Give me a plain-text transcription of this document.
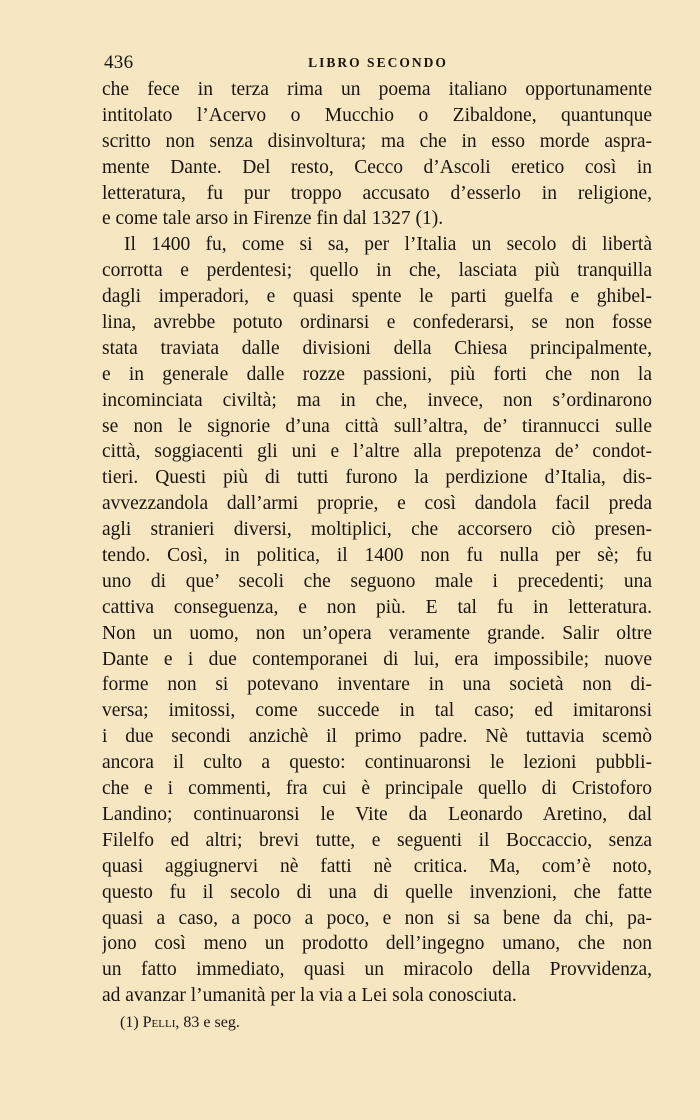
436	LIBRO SECONDO
che fece in terza rima un poema italiano opportunamente
intitolato l’Acervo o Mucchio o Zibaldone, quantunque
scritto non senza disinvoltura; ma che in esso morde aspra-
mente Dante. Del resto, Cecco d’Ascoli eretico così in
letteratura, fu pur troppo accusato d’esserlo in religione,
e come tale arso in Firenze fin dal 1327 (1).
Il 1400 fu, come si sa, per l’Italia un secolo di libertà
corrotta e perdentesi; quello in che, lasciata più tranquilla
dagli imperadori, e quasi spente le parti guelfa e ghibel-
lina, avrebbe potuto ordinarsi e confederarsi, se non fosse
stata traviata dalle divisioni della Chiesa principalmente,
e in generale dalle rozze passioni, più forti che non la
incominciata civiltà; ma in che, invece, non s’ordinarono
se non le signorie d’una città sull’altra, de’ tirannucci sulle
città, soggiacenti gli uni e l’altre alla prepotenza de’ condot-
tieri. Questi più di tutti furono la perdizione d’Italia, dis-
avvezzandola dall’armi proprie, e così dandola facil preda
agli stranieri diversi, moltiplici, che accorsero ciò presen-
tendo. Così, in politica, il 1400 non fu nulla per sè; fu
uno di que’ secoli che seguono male i precedenti; una
cattiva conseguenza, e non più. E tal fu in letteratura.
Non un uomo, non un’opera veramente grande. Salir oltre
Dante e i due contemporanei di lui, era impossibile; nuove
forme non si potevano inventare in una società non di-
versa; imitossi, come succede in tal caso; ed imitaronsi
i due secondi anzichè il primo padre. Nè tuttavia scemò
ancora il culto a questo: continuaronsi le lezioni pubbli-
che e i commenti, fra cui è principale quello di Cristoforo
Landino; continuaronsi le Vite da Leonardo Aretino, dal
Filelfo ed altri; brevi tutte, e seguenti il Boccaccio, senza
quasi aggiugnervi nè fatti nè critica. Ma, com’è noto,
questo fu il secolo di una di quelle invenzioni, che fatte
quasi a caso, a poco a poco, e non si sa bene da chi, pa-
jono così meno un prodotto dell’ingegno umano, che non
un fatto immediato, quasi un miracolo della Provvidenza,
ad avanzar l’umanità per la via a Lei sola conosciuta.
(1) Pelli, 83 e seg.
